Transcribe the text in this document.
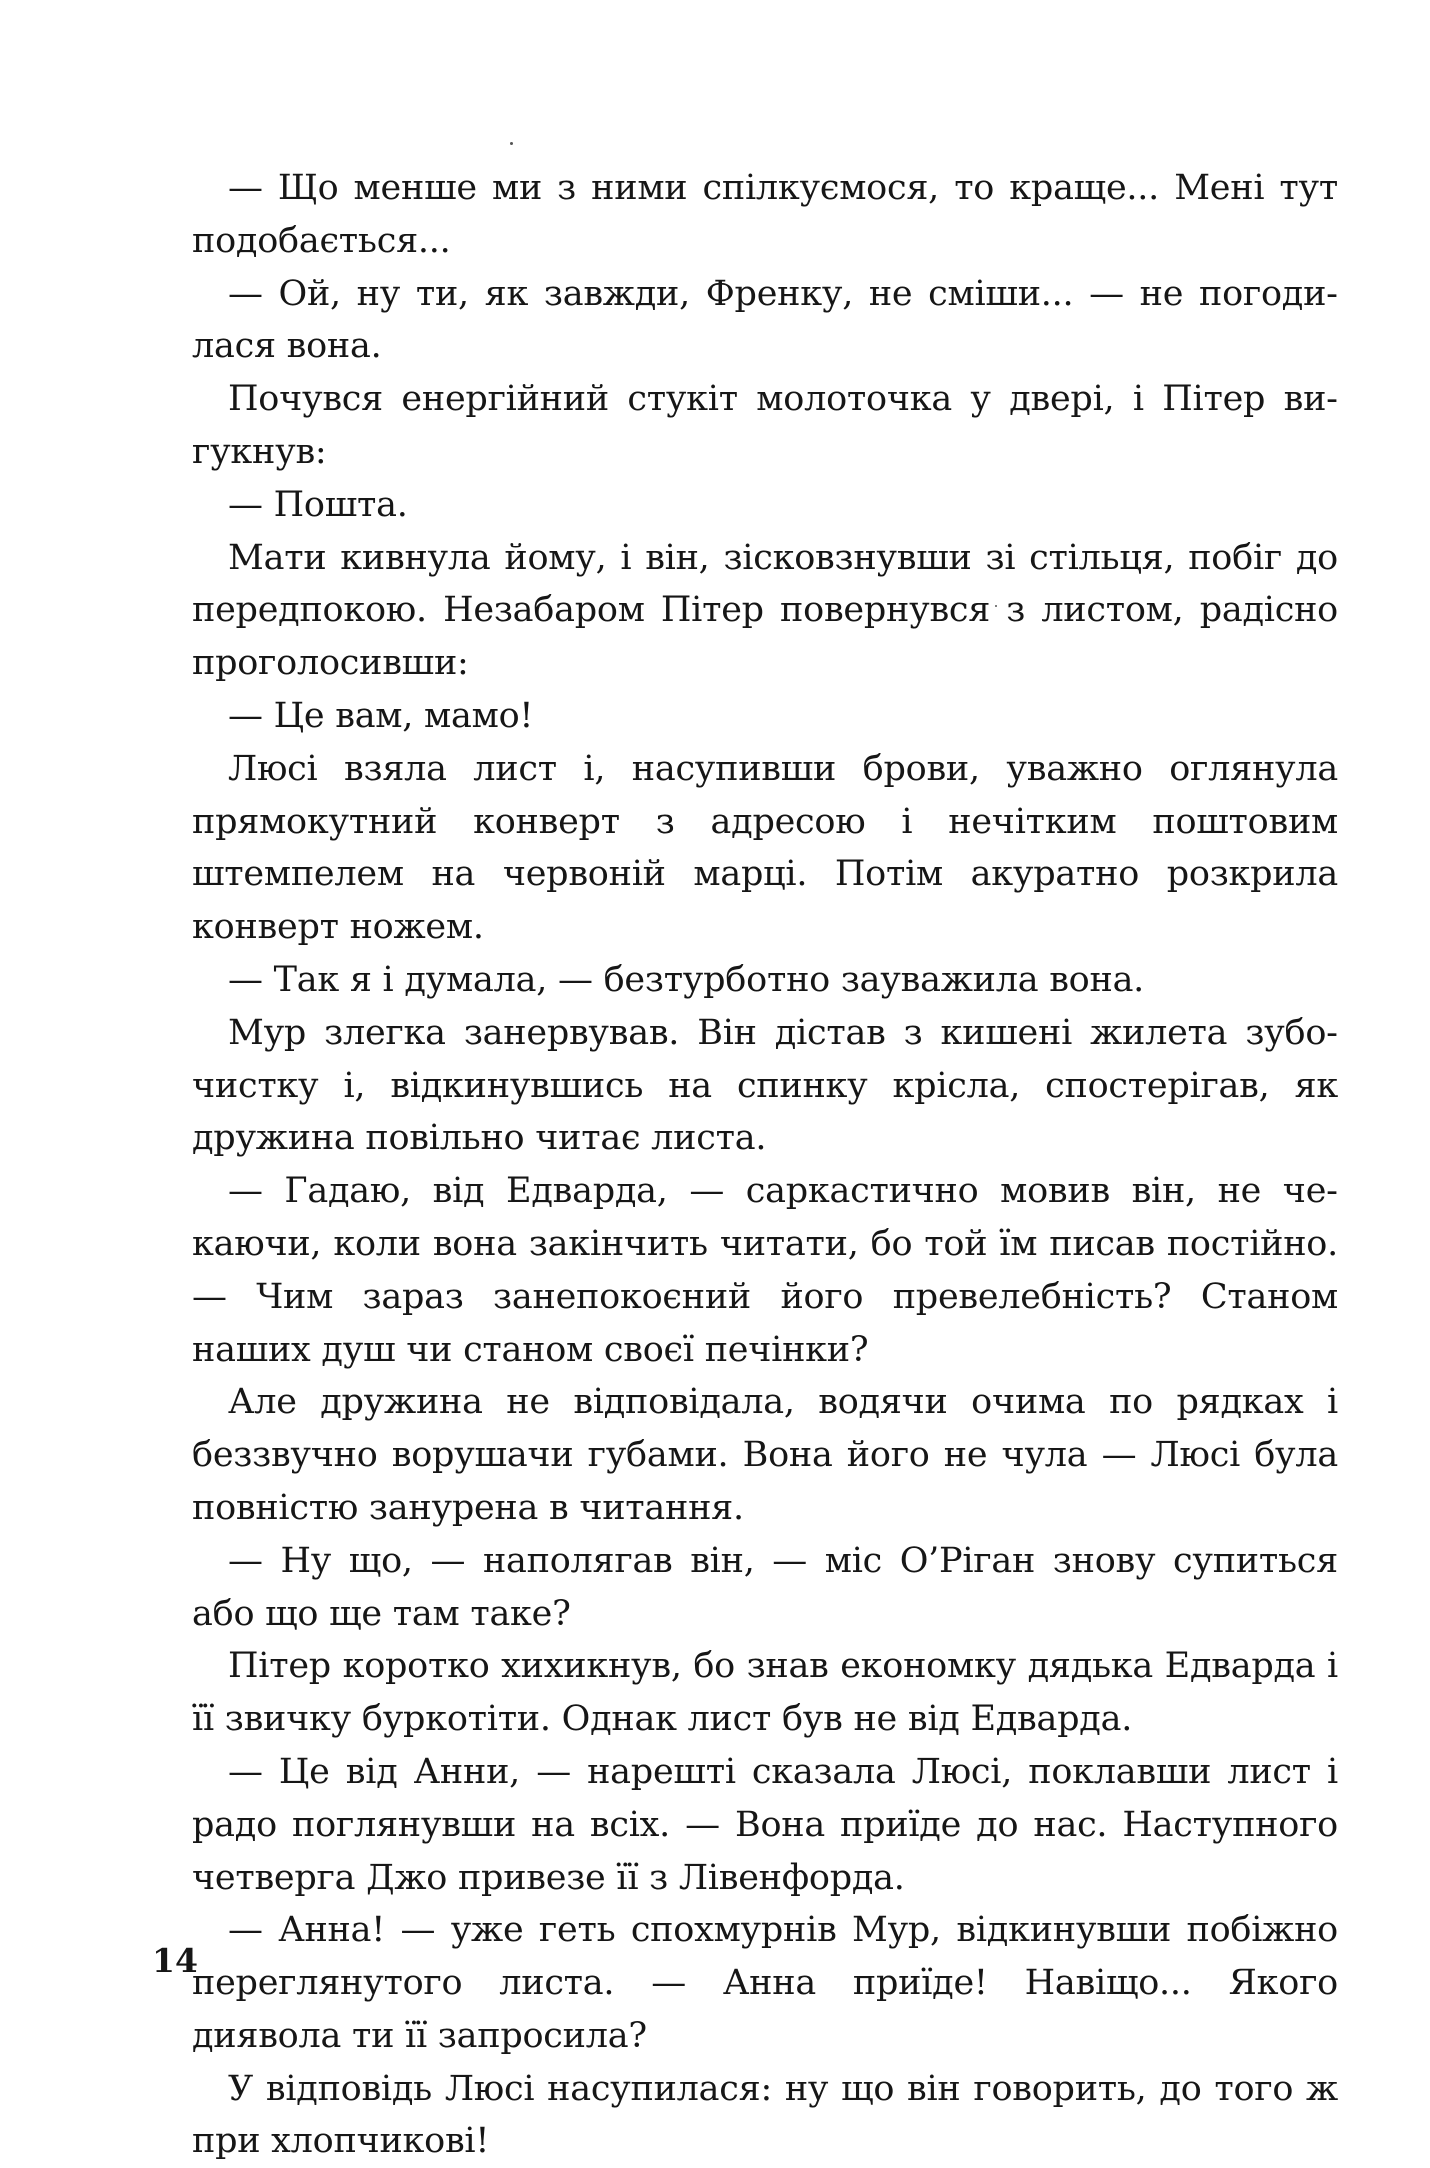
— Що менше ми з ними спілкуємося, то краще... Мені тут подобається...

— Ой, ну ти, як завжди, Френку, не сміши... — не погодилася вона.

Почувся енергійний стукіт молоточка у двері, і Пітер вигукнув:

— Пошта.

Мати кивнула йому, і він, зісковзнувши зі стільця, побіг до передпокою. Незабаром Пітер повернувся з листом, радісно проголосивши:

— Це вам, мамо!

Люсі взяла лист і, насупивши брови, уважно оглянула прямокутний конверт з адресою і нечітким поштовим штемпелем на червоній марці. Потім акуратно розкрила конверт ножем.

— Так я і думала, — безтурботно зауважила вона.

Мур злегка занервував. Він дістав з кишені жилета зубочистку і, відкинувшись на спинку крісла, спостерігав, як дружина повільно читає листа.

— Гадаю, від Едварда, — саркастично мовив він, не чекаючи, коли вона закінчить читати, бо той їм писав постійно. — Чим зараз занепокоєний його превелебність? Станом наших душ чи станом своєї печінки?

Але дружина не відповідала, водячи очима по рядках і беззвучно ворушачи губами. Вона його не чула — Люсі була повністю занурена в читання.

— Ну що, — наполягав він, — міс О’Ріган знову супиться або що ще там таке?

Пітер коротко хихикнув, бо знав економку дядька Едварда і її звичку буркотіти. Однак лист був не від Едварда.

— Це від Анни, — нарешті сказала Люсі, поклавши лист і радо поглянувши на всіх. — Вона приїде до нас. Наступного четверга Джо привезе її з Лівенфорда.

— Анна! — уже геть спохмурнів Мур, відкинувши побіжно переглянутого листа. — Анна приїде! Навіщо... Якого диявола ти її запросила?

У відповідь Люсі насупилася: ну що він говорить, до того ж при хлопчикові!

14
